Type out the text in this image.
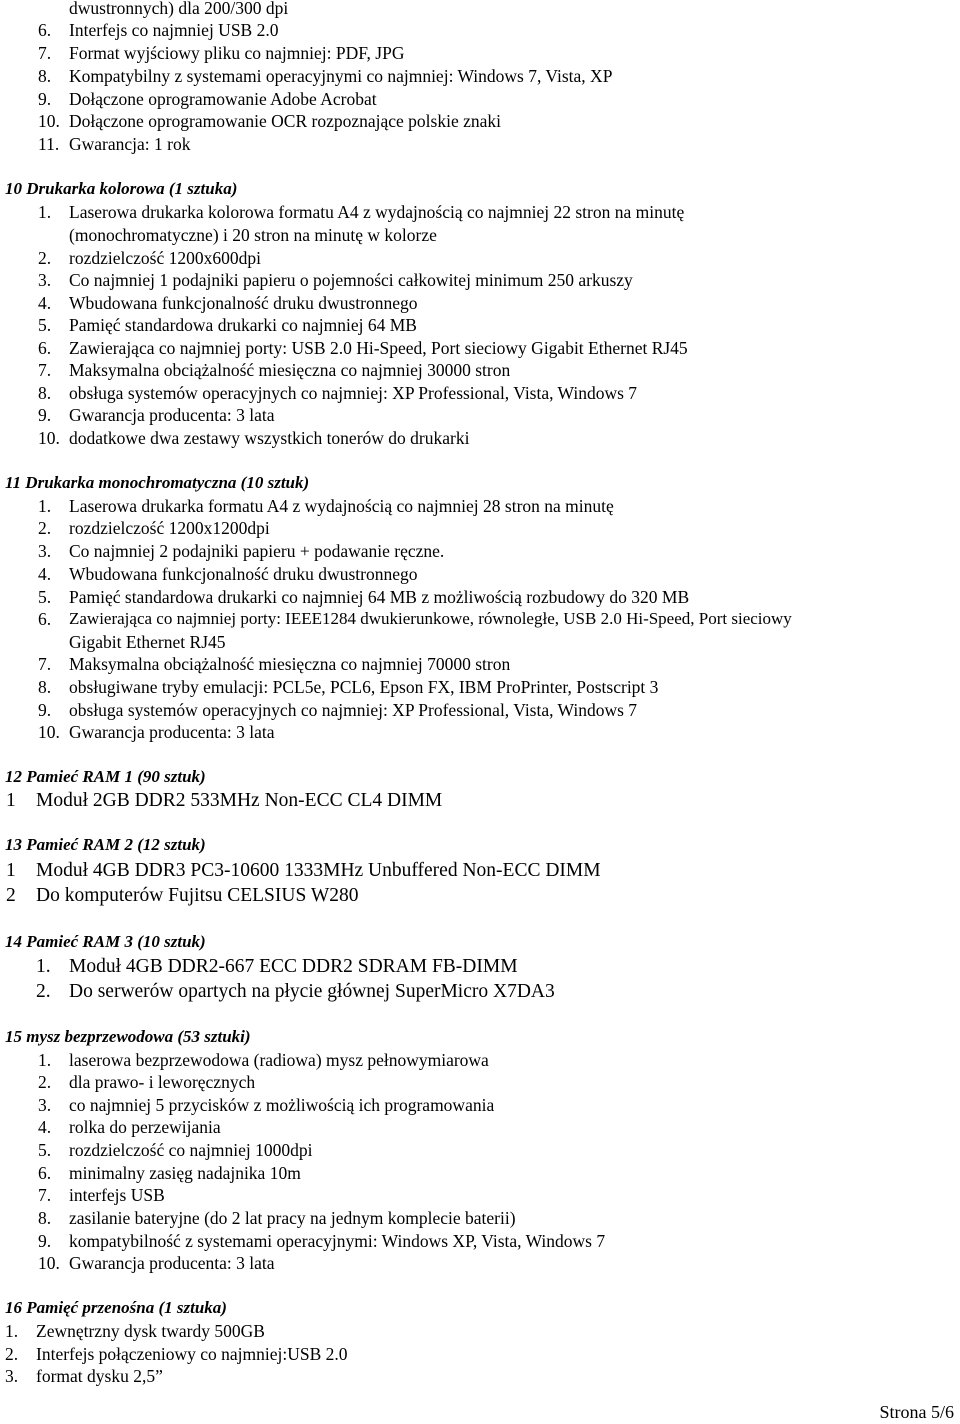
dwustronnych) dla 200/300 dpi
6. Interfejs co najmniej USB 2.0
7. Format wyjściowy pliku co najmniej: PDF, JPG
8. Kompatybilny z systemami operacyjnymi co najmniej: Windows 7, Vista, XP
9. Dołączone oprogramowanie Adobe Acrobat
10. Dołączone oprogramowanie OCR rozpoznające polskie znaki
11. Gwarancja: 1 rok
10 Drukarka kolorowa (1 sztuka)
1. Laserowa drukarka kolorowa formatu A4 z wydajnością co najmniej 22 stron na minutę
(monochromatyczne) i 20 stron na minutę w kolorze
2. rozdzielczość 1200x600dpi
3. Co najmniej 1 podajniki papieru o pojemności całkowitej minimum 250 arkuszy
4. Wbudowana funkcjonalność druku dwustronnego
5. Pamięć standardowa drukarki co najmniej 64 MB
6. Zawierająca co najmniej porty: USB 2.0 Hi-Speed, Port sieciowy Gigabit Ethernet RJ45
7. Maksymalna obciążalność miesięczna co najmniej 30000 stron
8. obsługa systemów operacyjnych co najmniej: XP Professional, Vista, Windows 7
9. Gwarancja producenta: 3 lata
10. dodatkowe dwa zestawy wszystkich tonerów do drukarki
11 Drukarka monochromatyczna (10 sztuk)
1. Laserowa drukarka formatu A4 z wydajnością co najmniej 28 stron na minutę
2. rozdzielczość 1200x1200dpi
3. Co najmniej 2 podajniki papieru + podawanie ręczne.
4. Wbudowana funkcjonalność druku dwustronnego
5. Pamięć standardowa drukarki co najmniej 64 MB z możliwością rozbudowy do 320 MB
6. Zawierająca co najmniej porty: IEEE1284 dwukierunkowe, równoległe, USB 2.0 Hi-Speed, Port sieciowy
Gigabit Ethernet RJ45
7. Maksymalna obciążalność miesięczna co najmniej 70000 stron
8. obsługiwane tryby emulacji: PCL5e, PCL6, Epson FX, IBM ProPrinter, Postscript 3
9. obsługa systemów operacyjnych co najmniej: XP Professional, Vista, Windows 7
10. Gwarancja producenta: 3 lata
12 Pamieć RAM 1 (90 sztuk)
1 Moduł 2GB DDR2 533MHz Non-ECC CL4 DIMM
13 Pamieć RAM 2 (12 sztuk)
1 Moduł 4GB DDR3 PC3-10600 1333MHz Unbuffered Non-ECC DIMM
2 Do komputerów Fujitsu CELSIUS W280
14 Pamieć RAM 3 (10 sztuk)
1. Moduł 4GB DDR2-667 ECC DDR2 SDRAM FB-DIMM
2. Do serwerów opartych na płycie głównej SuperMicro X7DA3
15 mysz bezprzewodowa (53 sztuki)
1. laserowa bezprzewodowa (radiowa) mysz pełnowymiarowa
2. dla prawo- i leworęcznych
3. co najmniej 5 przycisków z możliwością ich programowania
4. rolka do perzewijania
5. rozdzielczość co najmniej 1000dpi
6. minimalny zasięg nadajnika 10m
7. interfejs USB
8. zasilanie bateryjne (do 2 lat pracy na jednym komplecie baterii)
9. kompatybilność z systemami operacyjnymi: Windows XP, Vista, Windows 7
10. Gwarancja producenta: 3 lata
16 Pamięć przenośna (1 sztuka)
1. Zewnętrzny dysk twardy 500GB
2. Interfejs połączeniowy co najmniej:USB 2.0
3. format dysku 2,5”
Strona 5/6
